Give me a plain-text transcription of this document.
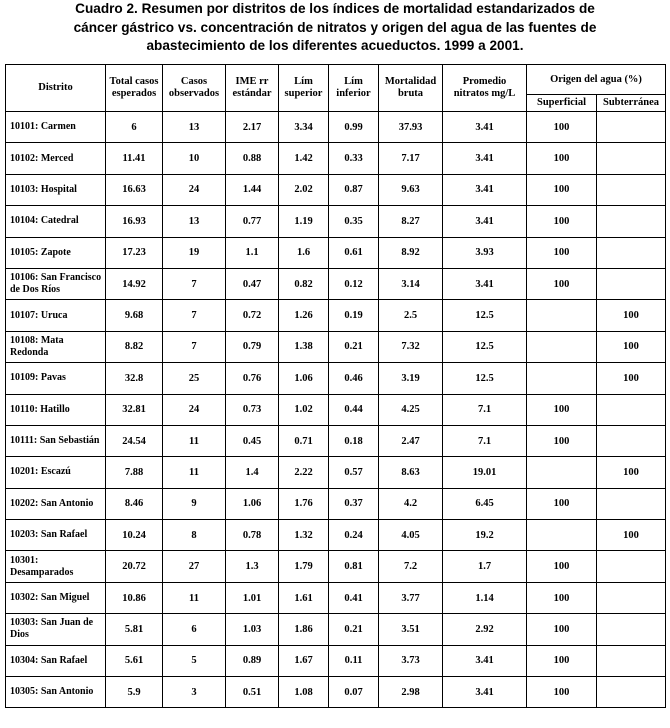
Cuadro 2. Resumen por distritos de los índices de mortalidad estandarizados de
cáncer gástrico vs. concentración de nitratos y origen del agua de las fuentes de
abastecimiento de los diferentes acueductos. 1999 a 2001.
Distrito	Total casos esperados	Casos observados	IME rr estándar	Lím superior	Lím inferior	Mortalidad bruta	Promedio nitratos mg/L	Origen del agua (%)	
								Superficial	Subterránea
10101: Carmen	6	13	2.17	3.34	0.99	37.93	3.41	100	
10102: Merced	11.41	10	0.88	1.42	0.33	7.17	3.41	100	
10103: Hospital	16.63	24	1.44	2.02	0.87	9.63	3.41	100	
10104: Catedral	16.93	13	0.77	1.19	0.35	8.27	3.41	100	
10105: Zapote	17.23	19	1.1	1.6	0.61	8.92	3.93	100	
10106: San Francisco de Dos Ríos	14.92	7	0.47	0.82	0.12	3.14	3.41	100	
10107: Uruca	9.68	7	0.72	1.26	0.19	2.5	12.5		100
10108: Mata Redonda	8.82	7	0.79	1.38	0.21	7.32	12.5		100
10109: Pavas	32.8	25	0.76	1.06	0.46	3.19	12.5		100
10110: Hatillo	32.81	24	0.73	1.02	0.44	4.25	7.1	100	
10111: San Sebastián	24.54	11	0.45	0.71	0.18	2.47	7.1	100	
10201: Escazú	7.88	11	1.4	2.22	0.57	8.63	19.01		100
10202: San Antonio	8.46	9	1.06	1.76	0.37	4.2	6.45	100	
10203: San Rafael	10.24	8	0.78	1.32	0.24	4.05	19.2		100
10301: Desamparados	20.72	27	1.3	1.79	0.81	7.2	1.7	100	
10302: San Miguel	10.86	11	1.01	1.61	0.41	3.77	1.14	100	
10303: San Juan de Dios	5.81	6	1.03	1.86	0.21	3.51	2.92	100	
10304: San Rafael	5.61	5	0.89	1.67	0.11	3.73	3.41	100	
10305: San Antonio	5.9	3	0.51	1.08	0.07	2.98	3.41	100	
